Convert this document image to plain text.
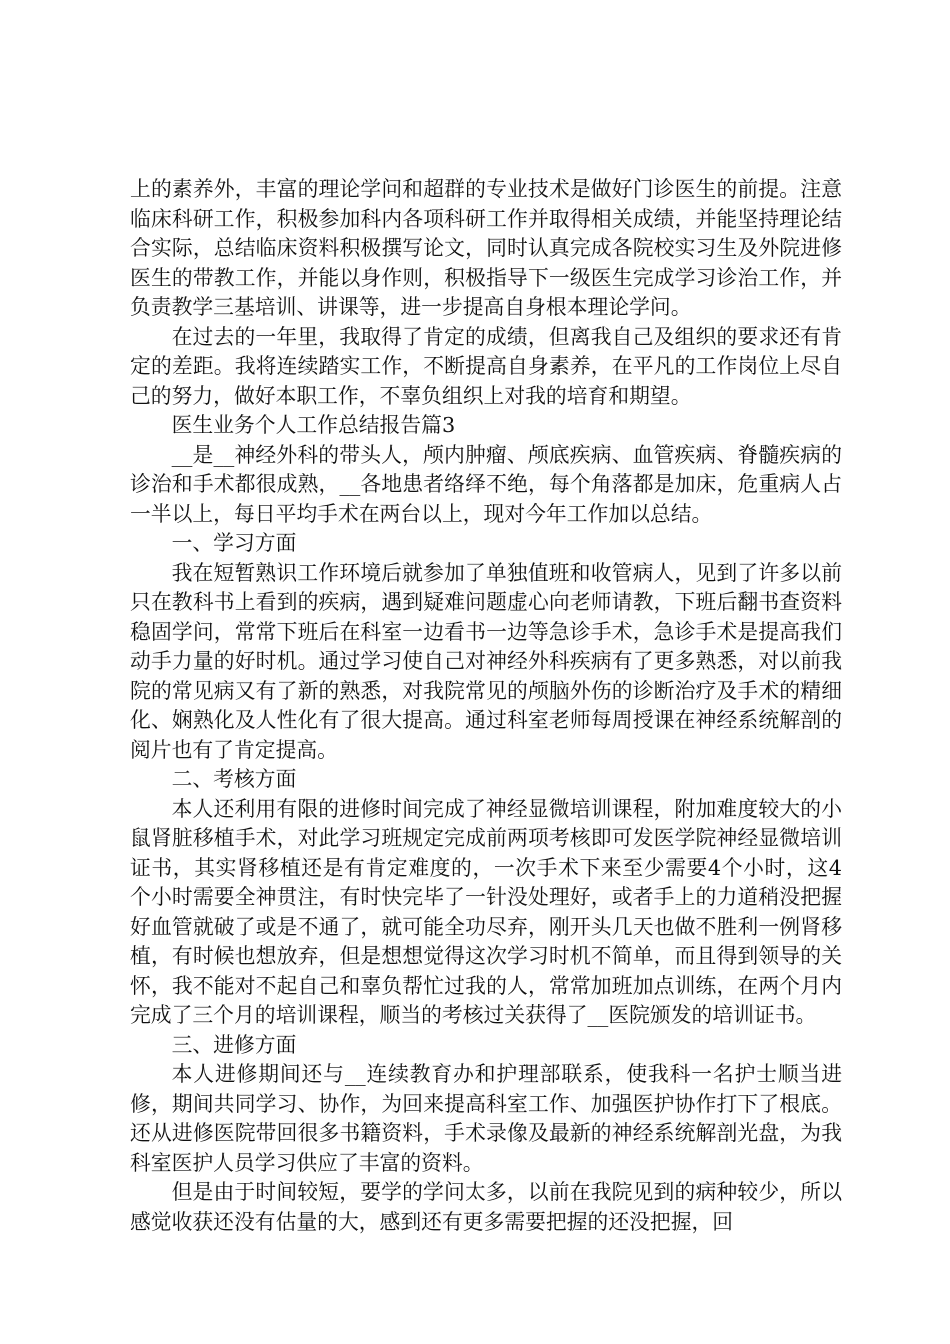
上的素养外，丰富的理论学问和超群的专业技术是做好门诊医生的前提。注意临床科研工作，积极参加科内各项科研工作并取得相关成绩，并能坚持理论结合实际，总结临床资料积极撰写论文，同时认真完成各院校实习生及外院进修医生的带教工作，并能以身作则，积极指导下一级医生完成学习诊治工作，并负责教学三基培训、讲课等，进一步提高自身根本理论学问。

在过去的一年里，我取得了肯定的成绩，但离我自己及组织的要求还有肯定的差距。我将连续踏实工作，不断提高自身素养，在平凡的工作岗位上尽自己的努力，做好本职工作，不辜负组织上对我的培育和期望。

医生业务个人工作总结报告篇3

__是__神经外科的带头人，颅内肿瘤、颅底疾病、血管疾病、脊髓疾病的诊治和手术都很成熟，__各地患者络绎不绝，每个角落都是加床，危重病人占一半以上，每日平均手术在两台以上，现对今年工作加以总结。

一、学习方面

我在短暂熟识工作环境后就参加了单独值班和收管病人，见到了许多以前只在教科书上看到的疾病，遇到疑难问题虚心向老师请教，下班后翻书查资料稳固学问，常常下班后在科室一边看书一边等急诊手术，急诊手术是提高我们动手力量的好时机。通过学习使自己对神经外科疾病有了更多熟悉，对以前我院的常见病又有了新的熟悉，对我院常见的颅脑外伤的诊断治疗及手术的精细化、娴熟化及人性化有了很大提高。通过科室老师每周授课在神经系统解剖的阅片也有了肯定提高。

二、考核方面

本人还利用有限的进修时间完成了神经显微培训课程，附加难度较大的小鼠肾脏移植手术，对此学习班规定完成前两项考核即可发医学院神经显微培训证书，其实肾移植还是有肯定难度的，一次手术下来至少需要4个小时，这4个小时需要全神贯注，有时快完毕了一针没处理好，或者手上的力道稍没把握好血管就破了或是不通了，就可能全功尽弃，刚开头几天也做不胜利一例肾移植，有时候也想放弃，但是想想觉得这次学习时机不简单，而且得到领导的关怀，我不能对不起自己和辜负帮忙过我的人，常常加班加点训练，在两个月内完成了三个月的培训课程，顺当的考核过关获得了__医院颁发的培训证书。

三、进修方面

本人进修期间还与__连续教育办和护理部联系，使我科一名护士顺当进修，期间共同学习、协作，为回来提高科室工作、加强医护协作打下了根底。还从进修医院带回很多书籍资料，手术录像及最新的神经系统解剖光盘，为我科室医护人员学习供应了丰富的资料。

但是由于时间较短，要学的学问太多，以前在我院见到的病种较少，所以感觉收获还没有估量的大，感到还有更多需要把握的还没把握，回
